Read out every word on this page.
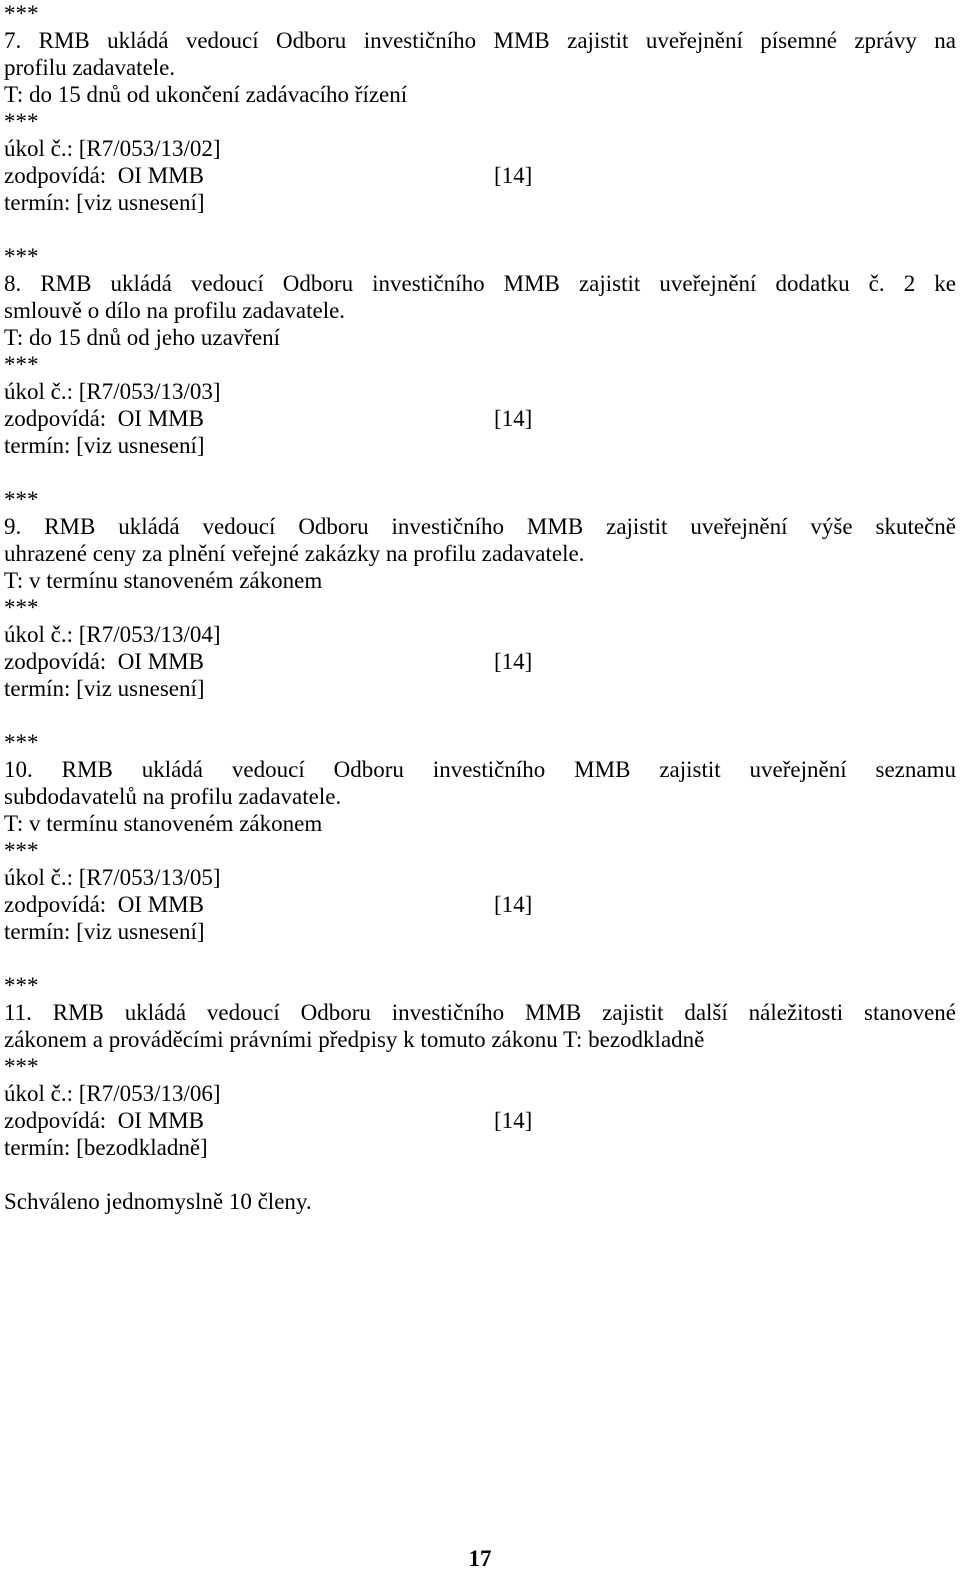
***
7. RMB ukládá vedoucí Odboru investičního MMB zajistit uveřejnění písemné zprávy na
profilu zadavatele.
T: do 15 dnů od ukončení zadávacího řízení
***
úkol č.: [R7/053/13/02]
zodpovídá:  OI MMB	[14]
termín: [viz usnesení]
***
8. RMB ukládá vedoucí Odboru investičního MMB zajistit uveřejnění dodatku č. 2 ke
smlouvě o dílo na profilu zadavatele.
T: do 15 dnů od jeho uzavření
***
úkol č.: [R7/053/13/03]
zodpovídá:  OI MMB	[14]
termín: [viz usnesení]
***
9. RMB ukládá vedoucí Odboru investičního MMB zajistit uveřejnění výše skutečně
uhrazené ceny za plnění veřejné zakázky na profilu zadavatele.
T: v termínu stanoveném zákonem
***
úkol č.: [R7/053/13/04]
zodpovídá:  OI MMB	[14]
termín: [viz usnesení]
***
10. RMB ukládá vedoucí Odboru investičního MMB zajistit uveřejnění seznamu
subdodavatelů na profilu zadavatele.
T: v termínu stanoveném zákonem
***
úkol č.: [R7/053/13/05]
zodpovídá:  OI MMB	[14]
termín: [viz usnesení]
***
11. RMB ukládá vedoucí Odboru investičního MMB zajistit další náležitosti stanovené
zákonem a prováděcími právními předpisy k tomuto zákonu T: bezodkladně
***
úkol č.: [R7/053/13/06]
zodpovídá:  OI MMB	[14]
termín: [bezodkladně]
Schváleno jednomyslně 10 členy.
17
